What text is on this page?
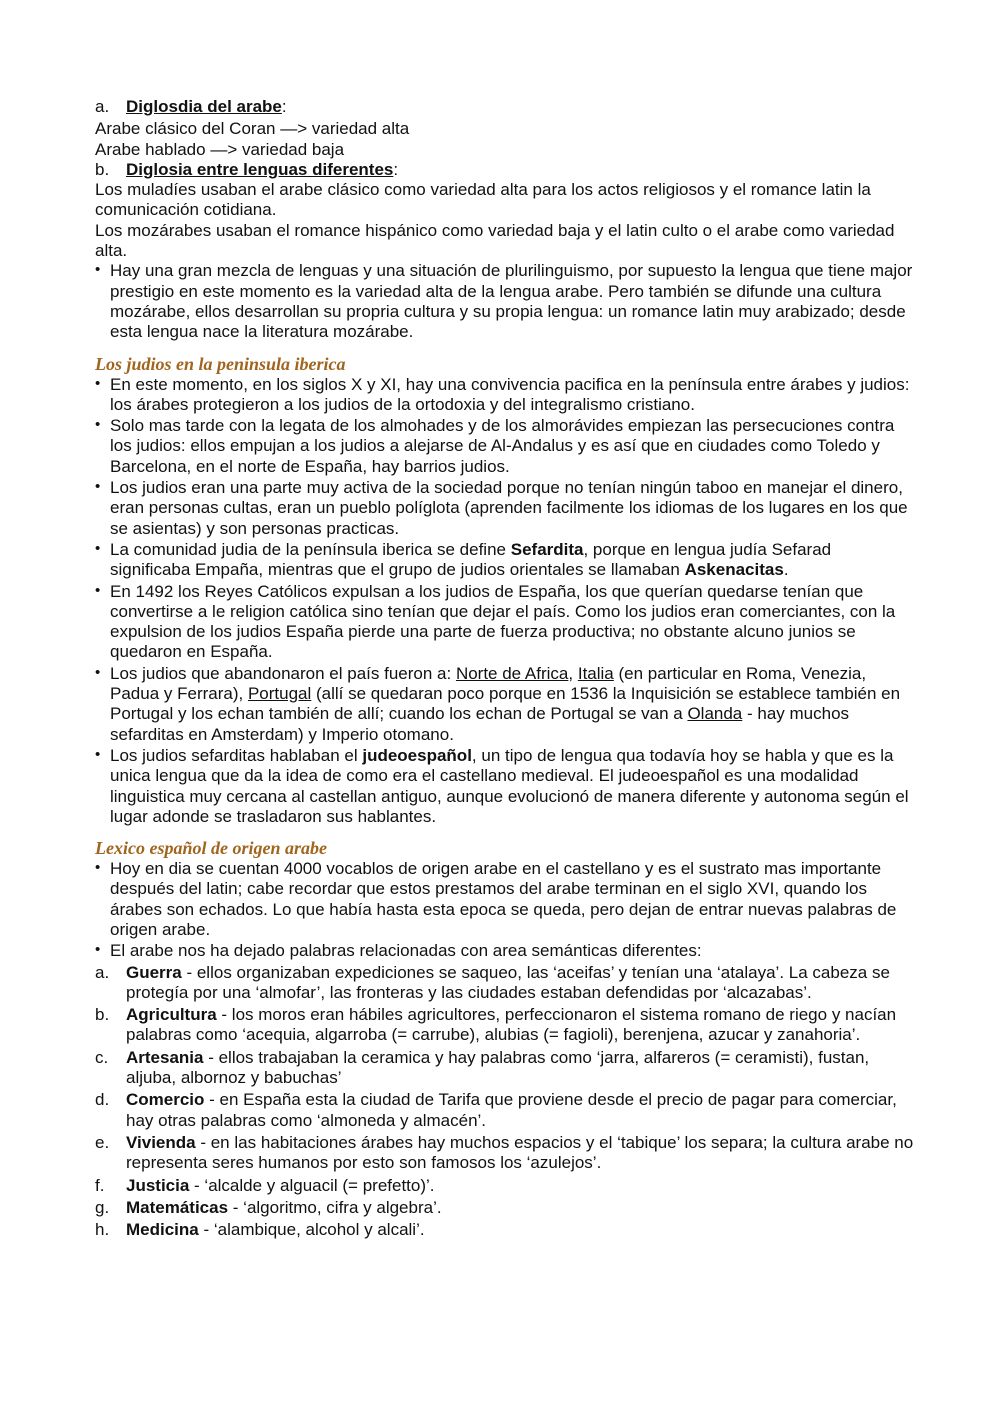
a. Diglosdia del arabe:

Arabe clásico del Coran —> variedad alta

Arabe hablado —> variedad baja

b. Diglosia entre lenguas diferentes:

Los muladíes usaban el arabe clásico como variedad alta para los actos religiosos y el romance latin la comunicación cotidiana.

Los mozárabes usaban el romance hispánico como variedad baja y el latin culto o el arabe como variedad alta.

• Hay una gran mezcla de lenguas y una situación de plurilinguismo, por supuesto la lengua que tiene major prestigio en este momento es la variedad alta de la lengua arabe. Pero también se difunde una cultura mozárabe, ellos desarrollan su propria cultura y su propia lengua: un romance latin muy arabizado; desde esta lengua nace la literatura mozárabe.
Los judios en la peninsula iberica
• En este momento, en los siglos X y XI, hay una convivencia pacifica en la península entre árabes y judios: los árabes protegieron a los judios de la ortodoxia y del integralismo cristiano.
• Solo mas tarde con la legata de los almohades y de los almorávides empiezan las persecuciones contra los judios: ellos empujan a los judios a alejarse de Al-Andalus y es así que en ciudades como Toledo y Barcelona, en el norte de España, hay barrios judios.
• Los judios eran una parte muy activa de la sociedad porque no tenían ningún taboo en manejar el dinero, eran personas cultas, eran un pueblo políglota (aprenden facilmente los idiomas de los lugares en los que se asientas) y son personas practicas.
• La comunidad judia de la península iberica se define Sefardita, porque en lengua judía Sefarad significaba Empaña, mientras que el grupo de judios orientales se llamaban Askenacitas.
• En 1492 los Reyes Católicos expulsan a los judios de España, los que querían quedarse tenían que convertirse a le religion católica sino tenían que dejar el país. Como los judios eran comerciantes, con la expulsion de los judios España pierde una parte de fuerza productiva; no obstante alcuno junios se quedaron en España.
• Los judios que abandonaron el país fueron a: Norte de Africa, Italia (en particular en Roma, Venezia, Padua y Ferrara), Portugal (allí se quedaran poco porque en 1536 la Inquisición se establece también en Portugal y los echan también de allí; cuando los echan de Portugal se van a Olanda - hay muchos sefarditas en Amsterdam) y Imperio otomano.
• Los judios sefarditas hablaban el judeoespañol, un tipo de lengua qua todavía hoy se habla y que es la unica lengua que da la idea de como era el castellano medieval. El judeoespañol es una modalidad linguistica muy cercana al castellan antiguo, aunque evolucionó de manera diferente y autonoma según el lugar adonde se trasladaron sus hablantes.
Lexico español de origen arabe
• Hoy en dia se cuentan 4000 vocablos de origen arabe en el castellano y es el sustrato mas importante después del latin; cabe recordar que estos prestamos del arabe terminan en el siglo XVI, quando los árabes son echados. Lo que había hasta esta epoca se queda, pero dejan de entrar nuevas palabras de origen arabe.
• El arabe nos ha dejado palabras relacionadas con area semánticas diferentes:
a. Guerra - ellos organizaban expediciones se saqueo, las ‘aceifas’ y tenían una ‘atalaya’. La cabeza se protegía por una ‘almofar’, las fronteras y las ciudades estaban defendidas por ‘alcazabas’.
b. Agricultura - los moros eran hábiles agricultores, perfeccionaron el sistema romano de riego y nacían palabras como ‘acequia, algarroba (= carrube), alubias (= fagioli), berenjena, azucar y zanahoria’.
c. Artesania - ellos trabajaban la ceramica y hay palabras como ‘jarra, alfareros (= ceramisti), fustan, aljuba, albornoz y babuchas’
d. Comercio - en España esta la ciudad de Tarifa que proviene desde el precio de pagar para comerciar, hay otras palabras como ‘almoneda y almacén’.
e. Vivienda - en las habitaciones árabes hay muchos espacios y el ‘tabique’ los separa; la cultura arabe no representa seres humanos por esto son famosos los ‘azulejos’.
f. Justicia - ‘alcalde y alguacil (= prefetto)’.
g. Matemáticas - ‘algoritmo, cifra y algebra’.
h. Medicina - ‘alambique, alcohol y alcali’.
